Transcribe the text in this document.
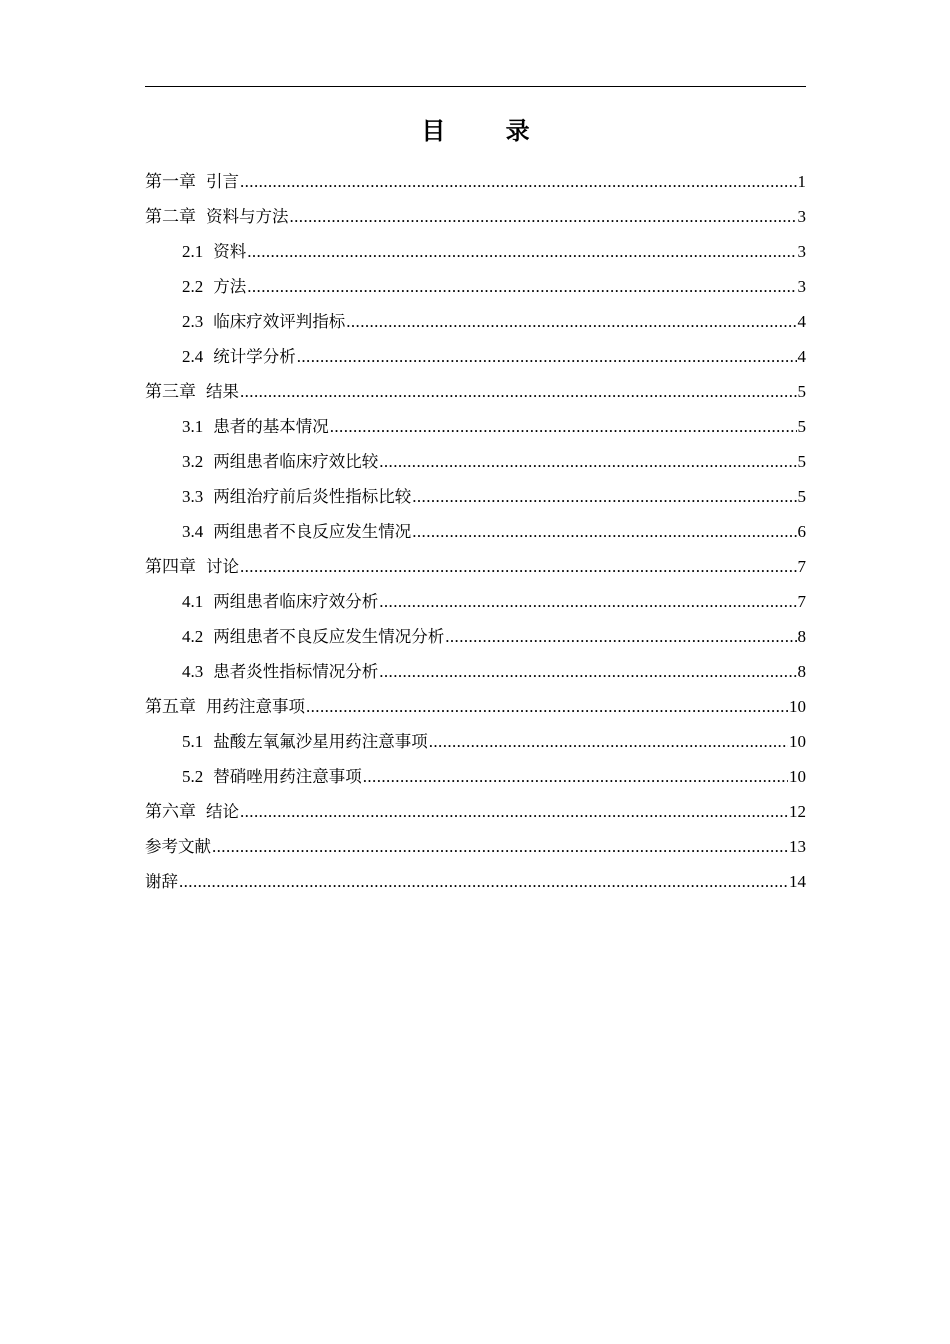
目 录
第一章 引言 .....	1
第二章 资料与方法 .....	3
2.1 资料 .....	3
2.2 方法 .....	3
2.3 临床疗效评判指标 .....	4
2.4 统计学分析 .....	4
第三章 结果 .....	5
3.1 患者的基本情况 .....	5
3.2 两组患者临床疗效比较 .....	5
3.3 两组治疗前后炎性指标比较 .....	5
3.4 两组患者不良反应发生情况 .....	6
第四章 讨论 .....	7
4.1 两组患者临床疗效分析 .....	7
4.2 两组患者不良反应发生情况分析 .....	8
4.3 患者炎性指标情况分析 .....	8
第五章 用药注意事项 .....	10
5.1 盐酸左氧氟沙星用药注意事项 .....	10
5.2 替硝唑用药注意事项 .....	10
第六章 结论 .....	12
参考文献 .....	13
谢辞 .....	14
